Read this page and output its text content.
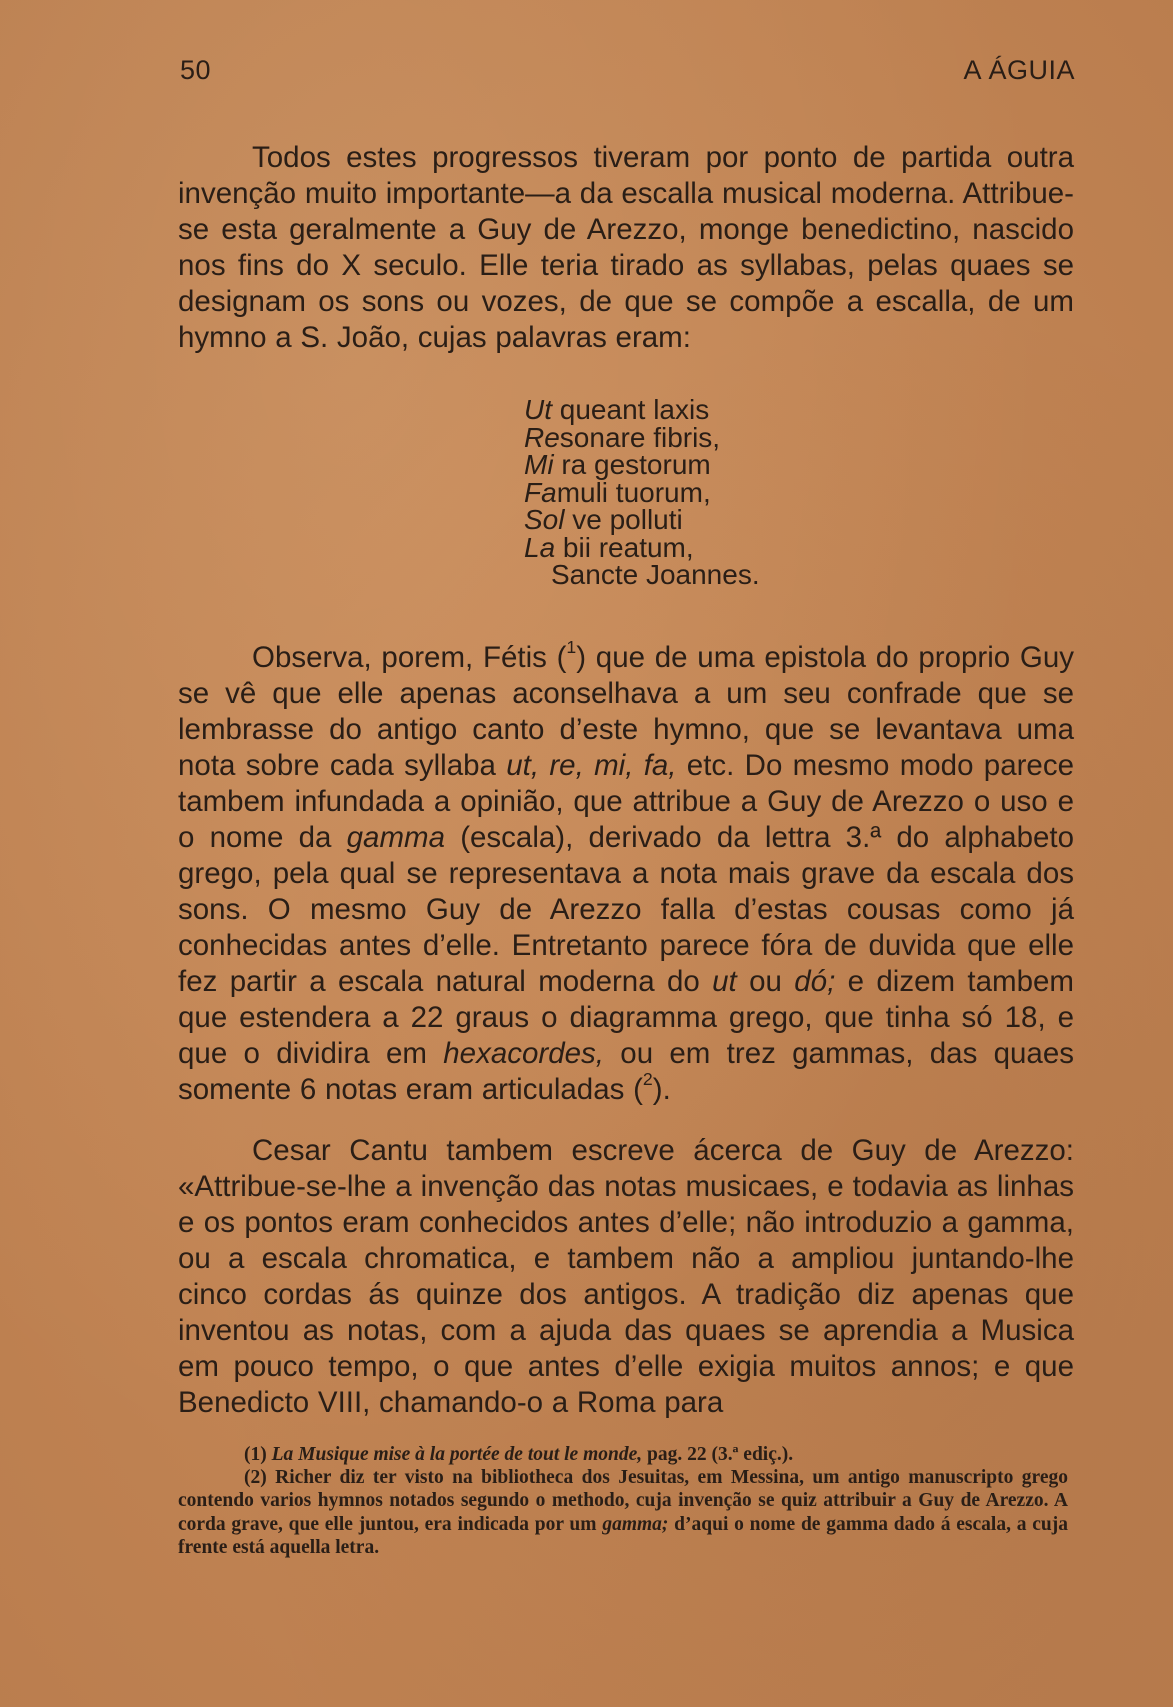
50	A ÁGUIA

Todos estes progressos tiveram por ponto de partida outra invenção muito importante—a da escalla musical moderna. Attribue-se esta geralmente a Guy de Arezzo, monge benedictino, nascido nos fins do X seculo. Elle teria tirado as syllabas, pelas quaes se designam os sons ou vozes, de que se compõe a escalla, de um hymno a S. João, cujas palavras eram:

Ut queant laxis
Resonare fibris,
Mi ra gestorum
Famuli tuorum,
Sol ve polluti
La bii reatum,
Sancte Joannes.

Observa, porem, Fétis ($^1$) que de uma epistola do proprio Guy se vê que elle apenas aconselhava a um seu confrade que se lembrasse do antigo canto d’este hymno, que se levantava uma nota sobre cada syllaba ut, re, mi, fa, etc. Do mesmo modo parece tambem infundada a opinião, que attribue a Guy de Arezzo o uso e o nome da gamma (escala), derivado da lettra 3.ª do alphabeto grego, pela qual se representava a nota mais grave da escala dos sons. O mesmo Guy de Arezzo falla d’estas cousas como já conhecidas antes d’elle. Entretanto parece fóra de duvida que elle fez partir a escala natural moderna do ut ou dó; e dizem tambem que estendera a 22 graus o diagramma grego, que tinha só 18, e que o dividira em hexacordes, ou em trez gammas, das quaes somente 6 notas eram articuladas ($^2$).

Cesar Cantu tambem escreve ácerca de Guy de Arezzo: «Attribue-se-lhe a invenção das notas musicaes, e todavia as linhas e os pontos eram conhecidos antes d’elle; não introduzio a gamma, ou a escala chromatica, e tambem não a ampliou juntando-lhe cinco cordas ás quinze dos antigos. A tradição diz apenas que inventou as notas, com a ajuda das quaes se aprendia a Musica em pouco tempo, o que antes d’elle exigia muitos annos; e que Benedicto VIII, chamando-o a Roma para

(1) La Musique mise à la portée de tout le monde, pag. 22 (3.ª ediç.).

(2) Richer diz ter visto na bibliotheca dos Jesuitas, em Messina, um antigo manuscripto grego contendo varios hymnos notados segundo o methodo, cuja invenção se quiz attribuir a Guy de Arezzo. A corda grave, que elle juntou, era indicada por um gamma; d’aqui o nome de gamma dado á escala, a cuja frente está aquella letra.
